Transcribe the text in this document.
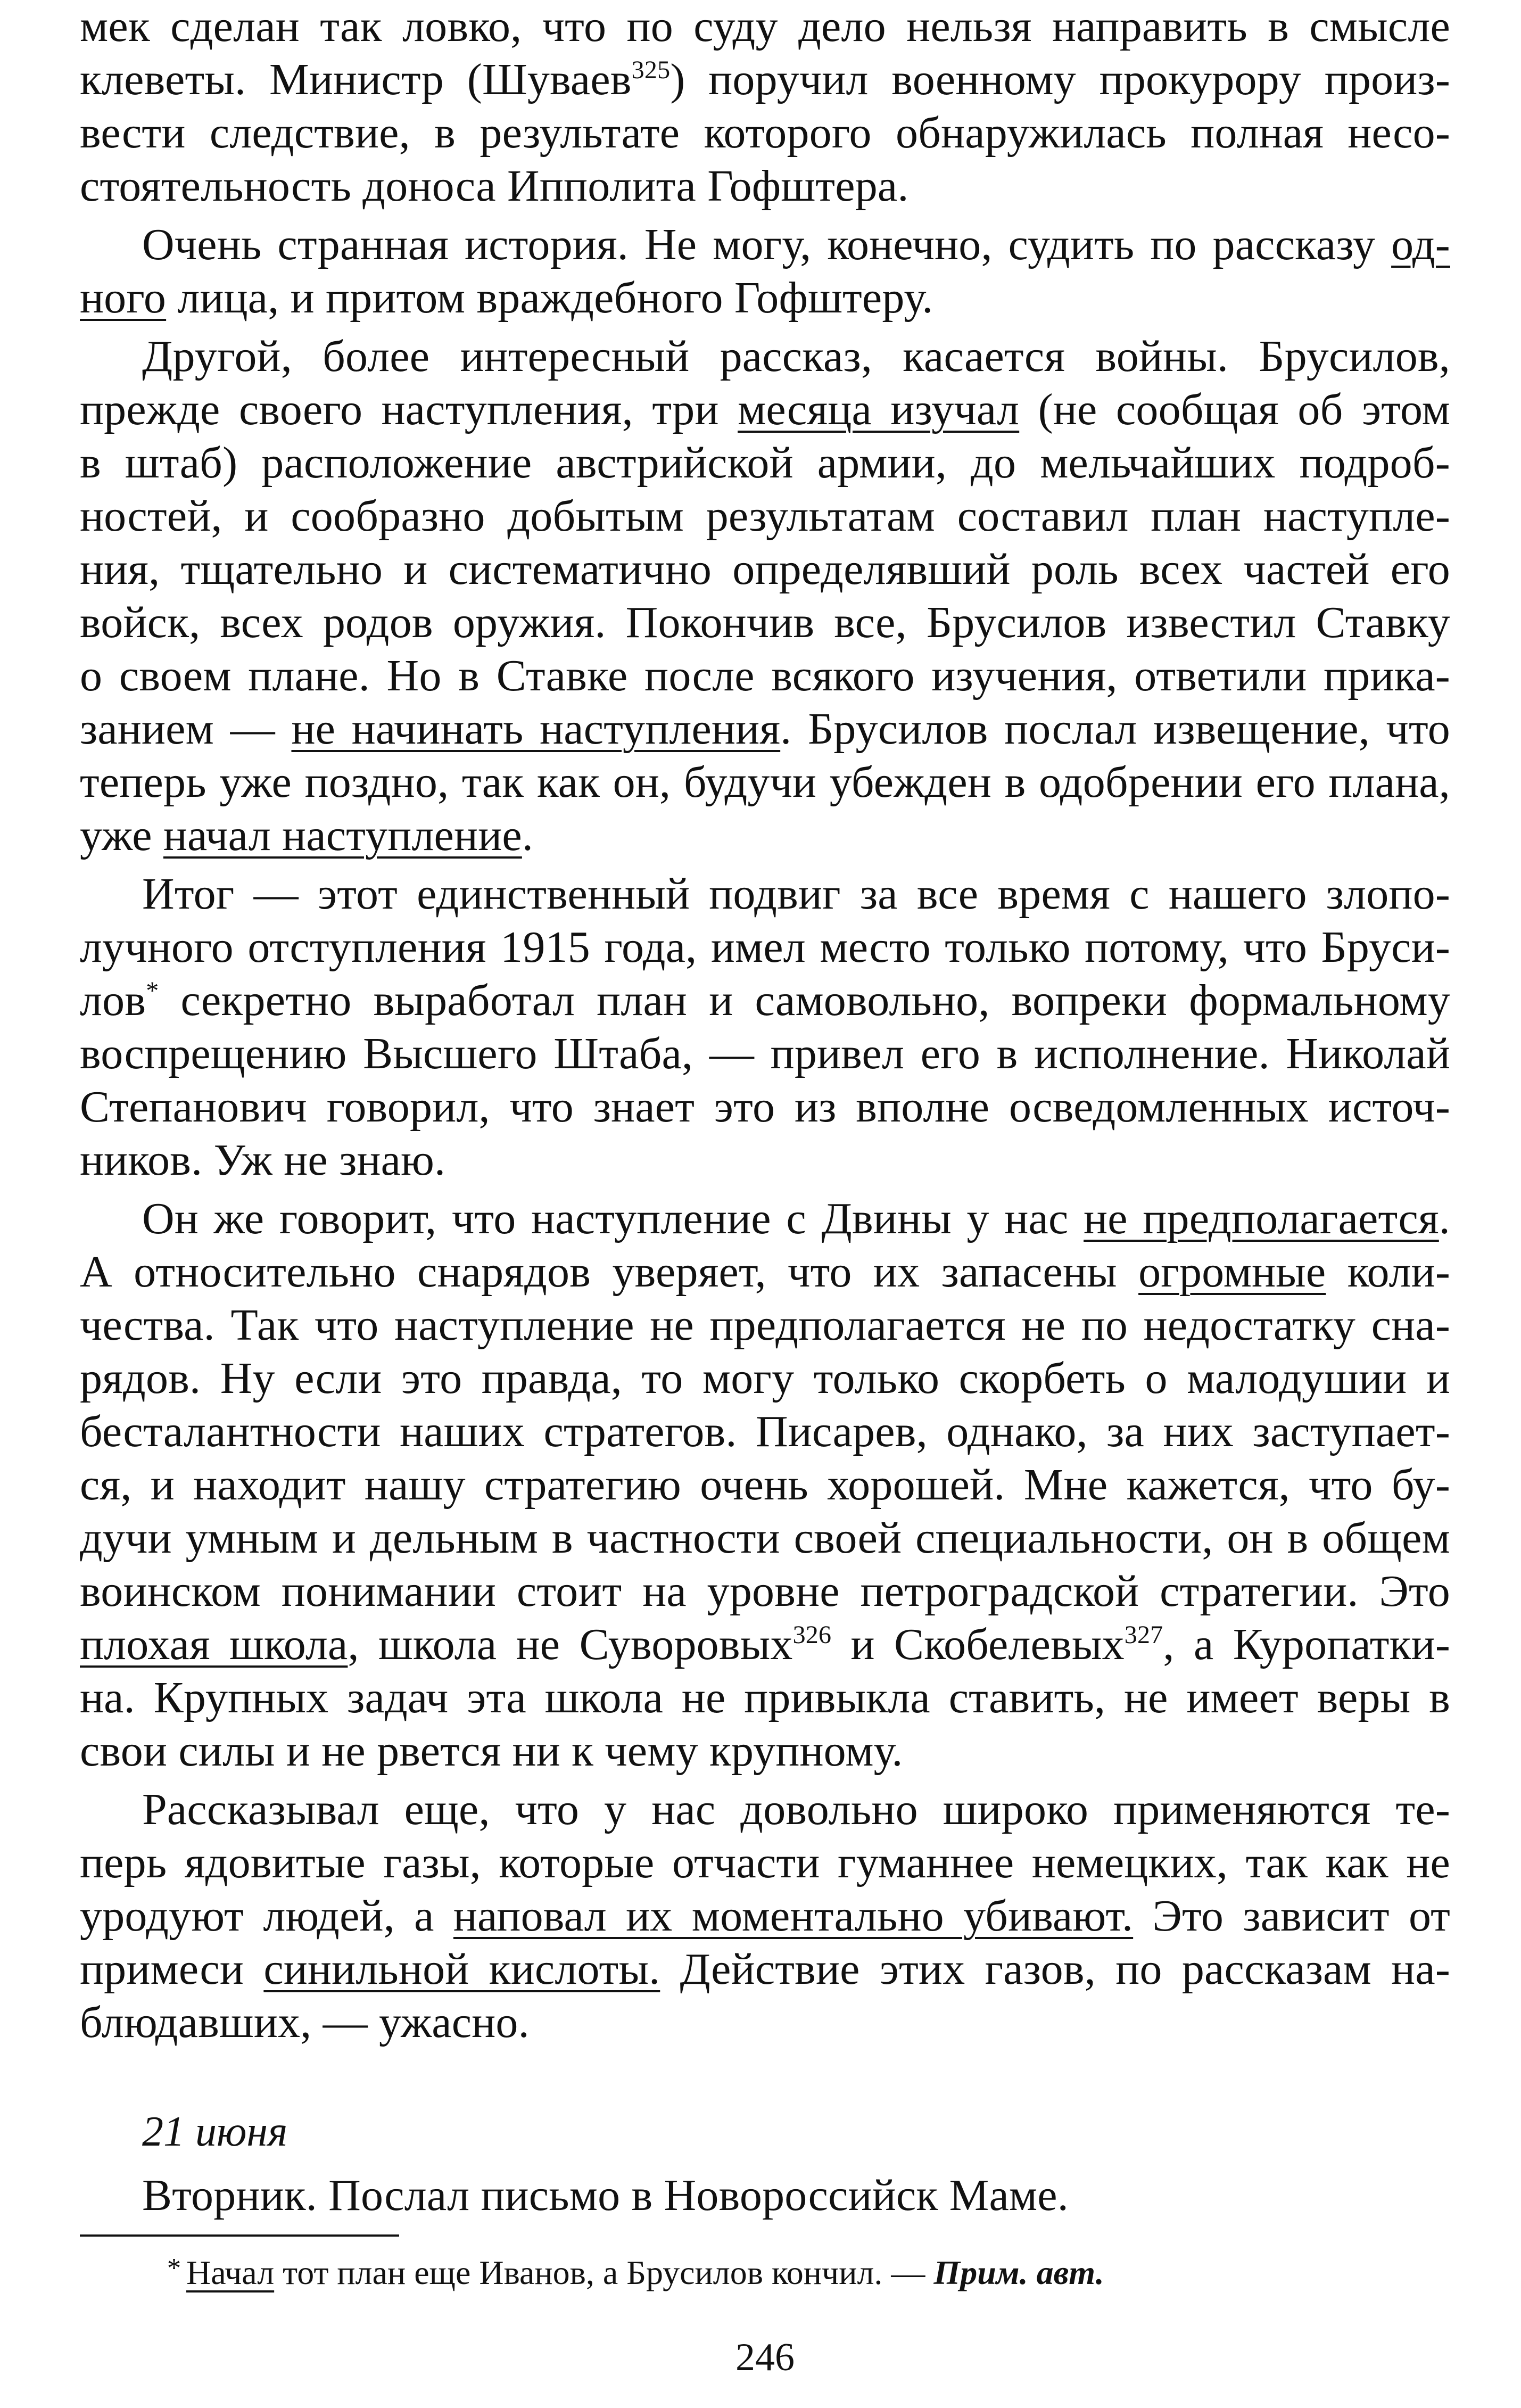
мек сделан так ловко, что по суду дело нельзя направить в смысле
клеветы. Министр (Шуваев$^{325}$) поручил военному прокурору произ-
вести следствие, в результате которого обнаружилась полная несо-
стоятельность доноса Ипполита Гофштера.
Очень странная история. Не могу, конечно, судить по рассказу од-
ного лица, и притом враждебного Гофштеру.
Другой, более интересный рассказ, касается войны. Брусилов,
прежде своего наступления, три месяца изучал (не сообщая об этом
в штаб) расположение австрийской армии, до мельчайших подроб-
ностей, и сообразно добытым результатам составил план наступле-
ния, тщательно и систематично определявший роль всех частей его
войск, всех родов оружия. Покончив все, Брусилов известил Ставку
о своем плане. Но в Ставке после всякого изучения, ответили прика-
занием — не начинать наступления. Брусилов послал извещение, что
теперь уже поздно, так как он, будучи убежден в одобрении его плана,
уже начал наступление.
Итог — этот единственный подвиг за все время с нашего злопо-
лучного отступления 1915 года, имел место только потому, что Бруси-
лов* секретно выработал план и самовольно, вопреки формальному
воспрещению Высшего Штаба, — привел его в исполнение. Николай
Степанович говорил, что знает это из вполне осведомленных источ-
ников. Уж не знаю.
Он же говорит, что наступление с Двины у нас не предполагается.
А относительно снарядов уверяет, что их запасены огромные коли-
чества. Так что наступление не предполагается не по недостатку сна-
рядов. Ну если это правда, то могу только скорбеть о малодушии и
бесталантности наших стратегов. Писарев, однако, за них заступает-
ся, и находит нашу стратегию очень хорошей. Мне кажется, что бу-
дучи умным и дельным в частности своей специальности, он в общем
воинском понимании стоит на уровне петроградской стратегии. Это
плохая школа, школа не Суворовых$^{326}$ и Скобелевых$^{327}$, а Куропатки-
на. Крупных задач эта школа не привыкла ставить, не имеет веры в
свои силы и не рвется ни к чему крупному.
Рассказывал еще, что у нас довольно широко применяются те-
перь ядовитые газы, которые отчасти гуманнее немецких, так как не
уродуют людей, а наповал их моментально убивают. Это зависит от
примеси синильной кислоты. Действие этих газов, по рассказам на-
блюдавших, — ужасно.
21 июня
Вторник. Послал письмо в Новороссийск Маме.
* Начал тот план еще Иванов, а Брусилов кончил. — Прим. авт.
246
